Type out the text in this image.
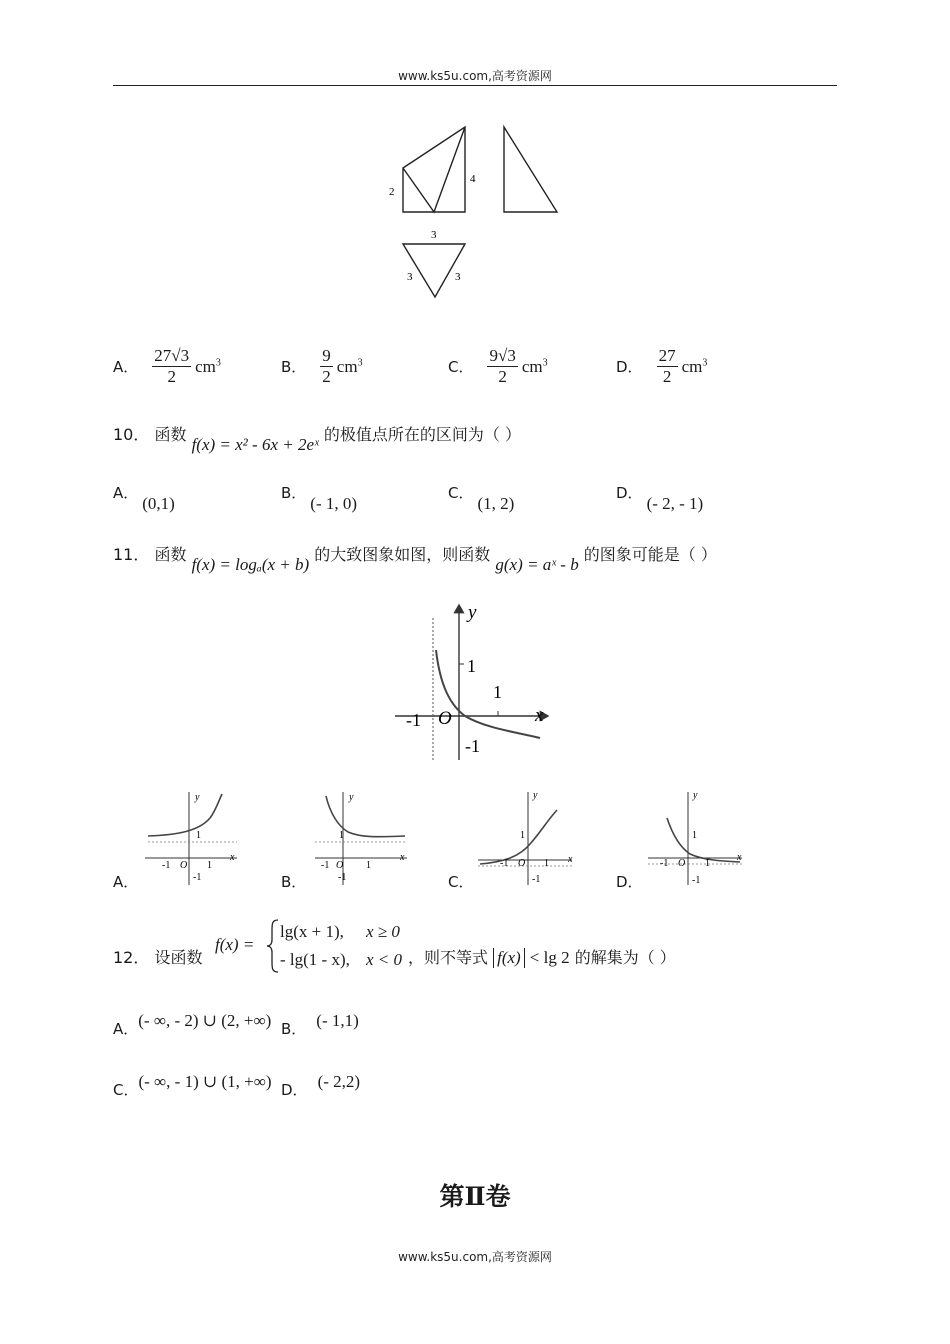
www.ks5u.com,高考资源网
2
4
3
3	3
A． $\frac{27√3}{2} cm^3$	B． $\frac{9}{2} cm^3$	C． $\frac{9√3}{2} cm^3$	D． $\frac{27}{2} cm^3$
10． 函数 f(x) = x² - 6x + 2eˣ 的极值点所在的区间为（ ）
A．(0,1)
B．(- 1, 0)
C．(1, 2)
D．(- 2, - 1)
11． 函数 f(x) = logₐ(x + b) 的大致图象如图，则函数 g(x) = aˣ - b 的图象可能是（ ）
y
x
O
1
1
-1
-1
y
x
O
1
1
-1
-1
y
x
O
1
1
-1
-1
y
x
O
1
1
-1
-1
y
x
O
1
1
-1
-1
A．	B．	C．	D．
12． 设函数
f(x) =
lg(x + 1), x ≥ 0
- lg(1 - x), x < 0 ，则不等式 f(x) < lg 2 的解集为（ ）
A．(- ∞, - 2) ∪ (2, +∞) B． (- 1,1)
C．(- ∞, - 1) ∪ (1, +∞) D． (- 2,2)
第Ⅱ卷
www.ks5u.com,高考资源网
